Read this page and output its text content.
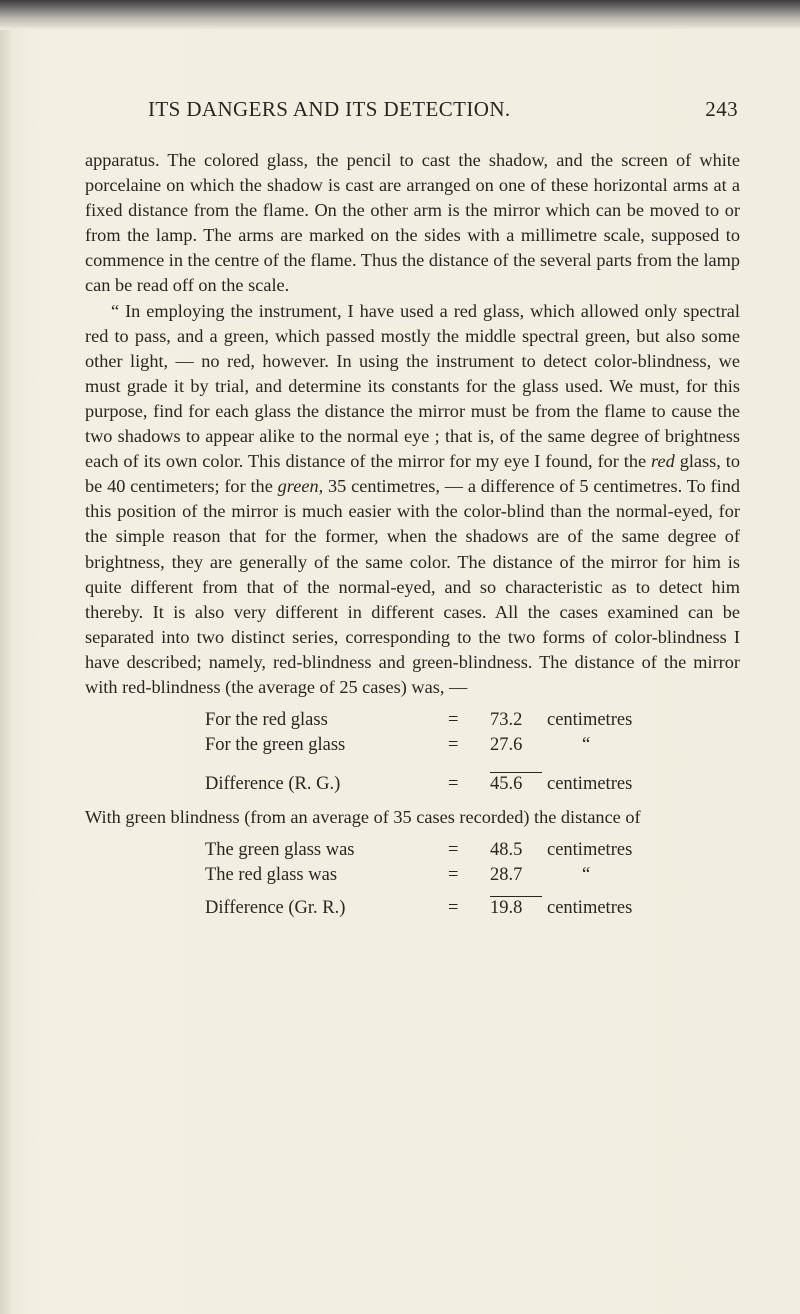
ITS DANGERS AND ITS DETECTION.	243

apparatus. The colored glass, the pencil to cast the shadow, and the screen of white porcelaine on which the shadow is cast are arranged on one of these horizontal arms at a fixed distance from the flame. On the other arm is the mirror which can be moved to or from the lamp. The arms are marked on the sides with a millimetre scale, supposed to commence in the centre of the flame. Thus the distance of the several parts from the lamp can be read off on the scale.

“ In employing the instrument, I have used a red glass, which allowed only spectral red to pass, and a green, which passed mostly the middle spectral green, but also some other light, — no red, however. In using the instrument to detect color-blindness, we must grade it by trial, and determine its constants for the glass used. We must, for this purpose, find for each glass the distance the mirror must be from the flame to cause the two shadows to appear alike to the normal eye ; that is, of the same degree of brightness each of its own color. This distance of the mirror for my eye I found, for the red glass, to be 40 centimeters; for the green, 35 centimetres, — a difference of 5 centimetres. To find this position of the mirror is much easier with the color-blind than the normal-eyed, for the simple reason that for the former, when the shadows are of the same degree of brightness, they are generally of the same color. The distance of the mirror for him is quite different from that of the normal-eyed, and so characteristic as to detect him thereby. It is also very different in different cases. All the cases examined can be separated into two distinct series, corresponding to the two forms of color-blindness I have described; namely, red-blindness and green-blindness. The distance of the mirror with red-blindness (the average of 25 cases) was, —

For the red glass	= 73.2 centimetres
For the green glass	= 27.6	“
Difference (R. G.)	= 45.6 centimetres

With green blindness (from an average of 35 cases recorded) the distance of

The green glass was	= 48.5 centimetres
The red glass was	= 28.7	“
Difference (Gr. R.)	= 19.8 centimetres
